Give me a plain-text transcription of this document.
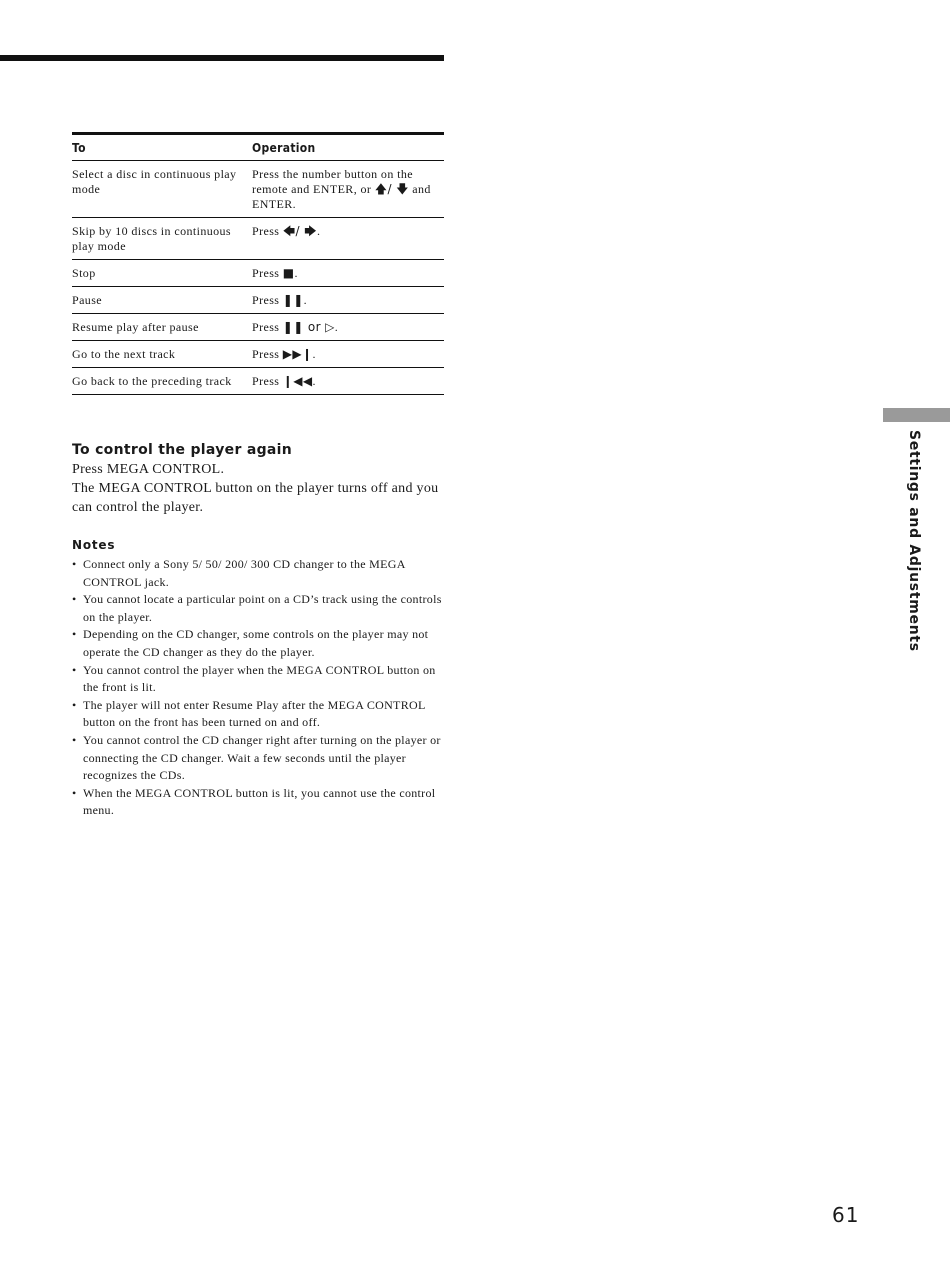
To	Operation
Select a disc in continuous play mode	Press the number button on the remote and ENTER, or 🡅/ 🡇 and ENTER.
Skip by 10 discs in continuous play mode	Press 🡄/ 🡆.
Stop	Press ■.
Pause	Press ❚❚.
Resume play after pause	Press ❚❚ or ▷.
Go to the next track	Press ▶▶❙.
Go back to the preceding track	Press ❙◀◀.
To control the player again

Press MEGA CONTROL.

The MEGA CONTROL button on the player turns off and you can control the player.

Notes
• Connect only a Sony 5/ 50/ 200/ 300 CD changer to the MEGA CONTROL jack.
• You cannot locate a particular point on a CD’s track using the controls on the player.
• Depending on the CD changer, some controls on the player may not operate the CD changer as they do the player.
• You cannot control the player when the MEGA CONTROL button on the front is lit.
• The player will not enter Resume Play after the MEGA CONTROL button on the front has been turned on and off.
• You cannot control the CD changer right after turning on the player or connecting the CD changer. Wait a few seconds until the player recognizes the CDs.
• When the MEGA CONTROL button is lit, you cannot use the control menu.
Settings and Adjustments
61
